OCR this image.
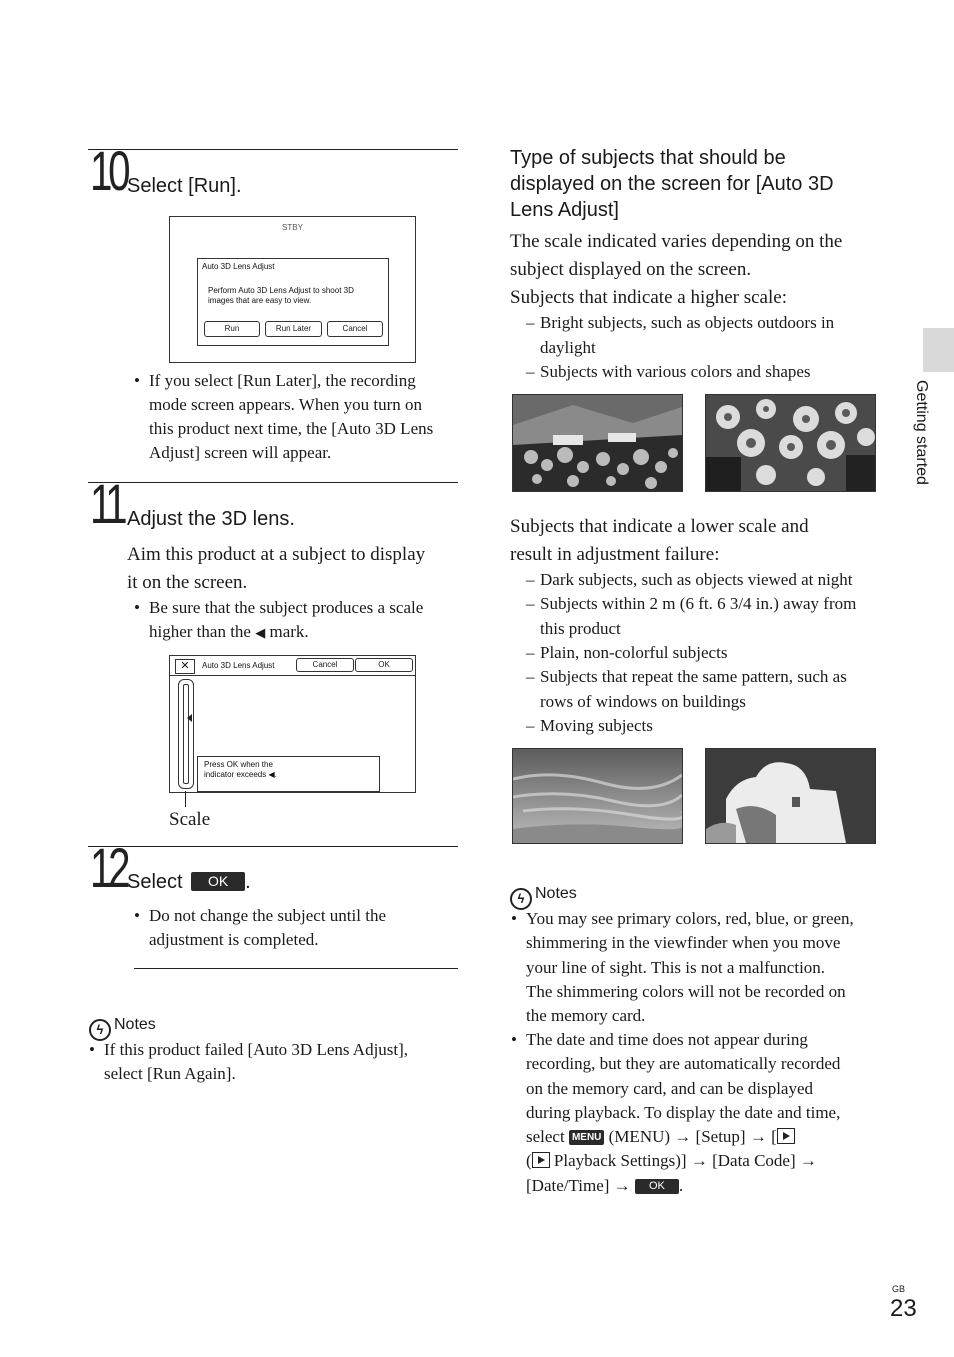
Getting started
10 Select [Run].
STBY
Auto 3D Lens Adjust
Perform Auto 3D Lens Adjust to shoot 3D
images that are easy to view.
Run	Run Later	Cancel
• If you select [Run Later], the recording
mode screen appears. When you turn on
this product next time, the [Auto 3D Lens
Adjust] screen will appear.
11 Adjust the 3D lens.
Aim this product at a subject to display
it on the screen.
• Be sure that the subject produces a scale
higher than the ◀ mark.
✕	Auto 3D Lens Adjust	Cancel	OK
Press OK when the
indicator exceeds ◀.
Scale
12 Select OK .
• Do not change the subject until the
adjustment is completed.
ϟ Notes
• If this product failed [Auto 3D Lens Adjust],
select [Run Again].
Type of subjects that should be
displayed on the screen for [Auto 3D
Lens Adjust]
The scale indicated varies depending on the
subject displayed on the screen.
Subjects that indicate a higher scale:
– Bright subjects, such as objects outdoors in
daylight
– Subjects with various colors and shapes
Subjects that indicate a lower scale and
result in adjustment failure:
– Dark subjects, such as objects viewed at night
– Subjects within 2 m (6 ft. 6 3/4 in.) away from
this product
– Plain, non-colorful subjects
– Subjects that repeat the same pattern, such as
rows of windows on buildings
– Moving subjects
ϟ Notes
• You may see primary colors, red, blue, or green,
shimmering in the viewfinder when you move
your line of sight. This is not a malfunction.
The shimmering colors will not be recorded on
the memory card.
• The date and time does not appear during
recording, but they are automatically recorded
on the memory card, and can be displayed
during playback. To display the date and time,
select MENU (MENU) → [Setup] → [
( Playback Settings)] → [Data Code] →
[Date/Time] → OK .
GB
23
